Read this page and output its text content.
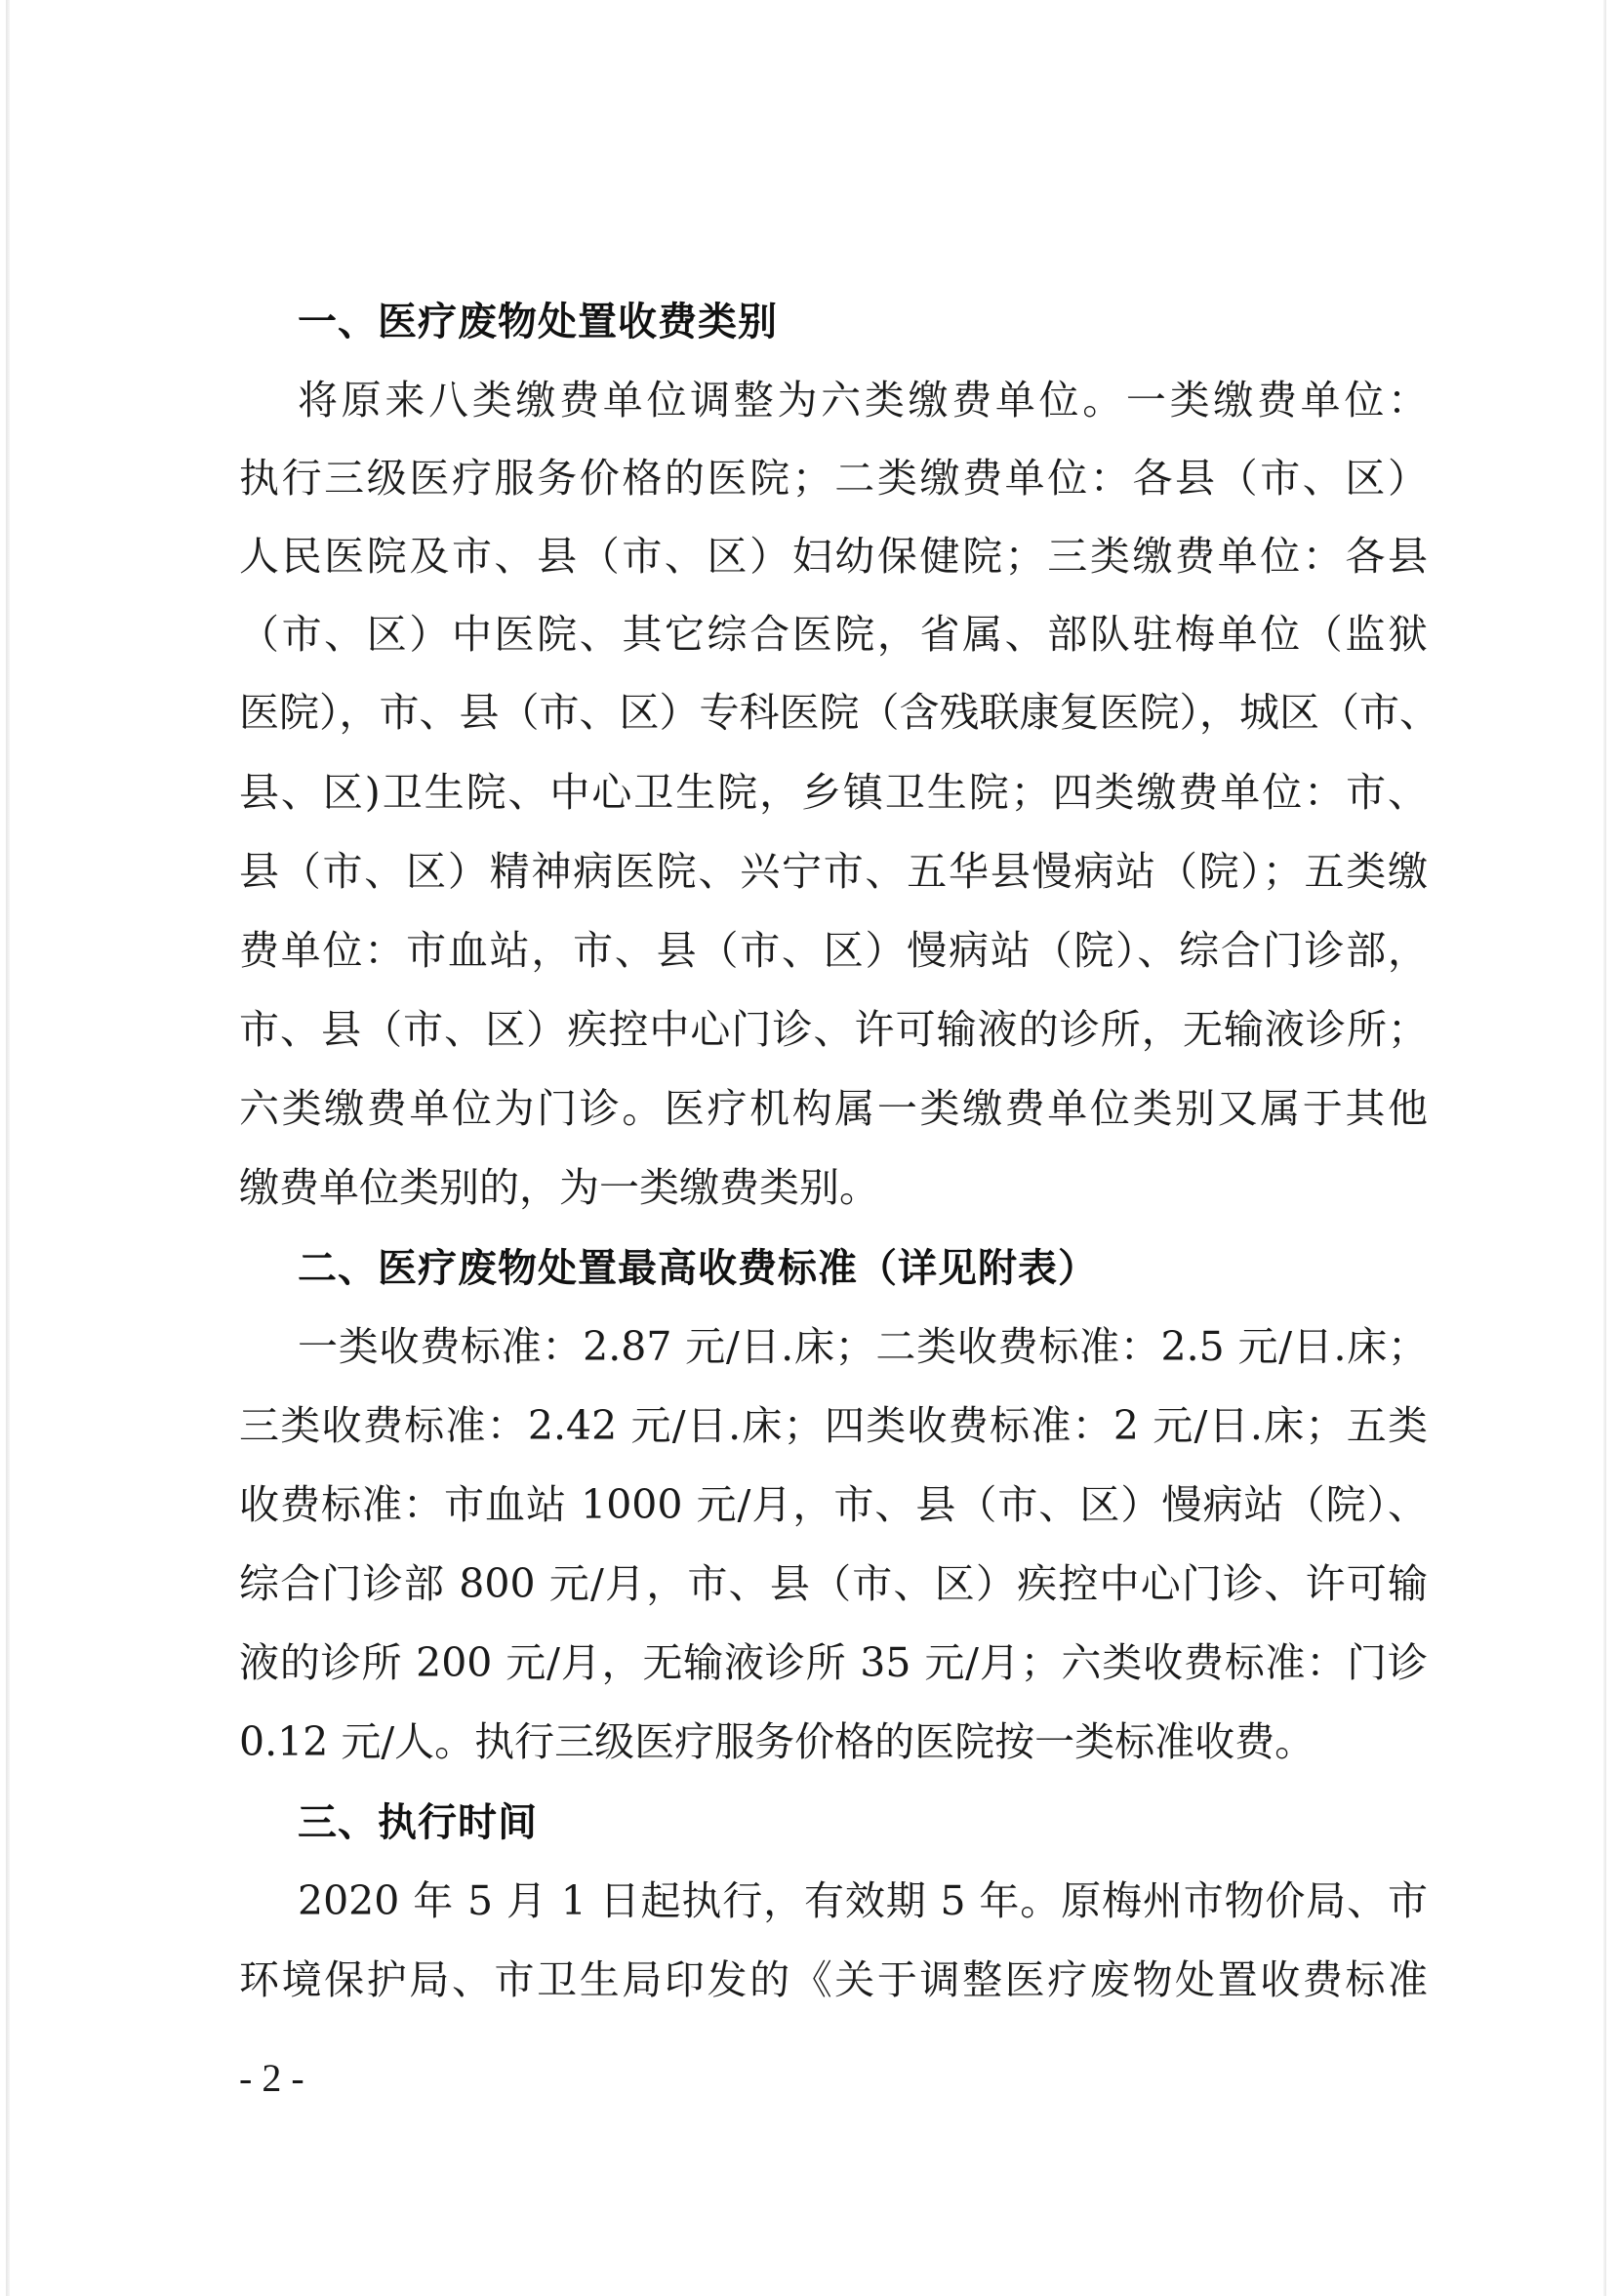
一、医疗废物处置收费类别
将原来八类缴费单位调整为六类缴费单位。一类缴费单位：
执行三级医疗服务价格的医院；二类缴费单位：各县（市、区）
人民医院及市、县（市、区）妇幼保健院；三类缴费单位：各县
（市、区）中医院、其它综合医院，省属、部队驻梅单位（监狱
医院），市、县（市、区）专科医院（含残联康复医院），城区（市、
县、区)卫生院、中心卫生院，乡镇卫生院；四类缴费单位：市、
县（市、区）精神病医院、兴宁市、五华县慢病站（院）；五类缴
费单位：市血站，市、县（市、区）慢病站（院）、综合门诊部，
市、县（市、区）疾控中心门诊、许可输液的诊所，无输液诊所；
六类缴费单位为门诊。医疗机构属一类缴费单位类别又属于其他
缴费单位类别的，为一类缴费类别。
二、医疗废物处置最高收费标准（详见附表）
一类收费标准：2.87 元/日.床；二类收费标准：2.5 元/日.床；
三类收费标准：2.42 元/日.床；四类收费标准：2 元/日.床；五类
收费标准：市血站 1000 元/月，市、县（市、区）慢病站（院）、
综合门诊部 800 元/月，市、县（市、区）疾控中心门诊、许可输
液的诊所 200 元/月，无输液诊所 35 元/月；六类收费标准：门诊
0.12 元/人。执行三级医疗服务价格的医院按一类标准收费。
三、执行时间
2020 年 5 月 1 日起执行，有效期 5 年。原梅州市物价局、市
环境保护局、市卫生局印发的《关于调整医疗废物处置收费标准
- 2 -
